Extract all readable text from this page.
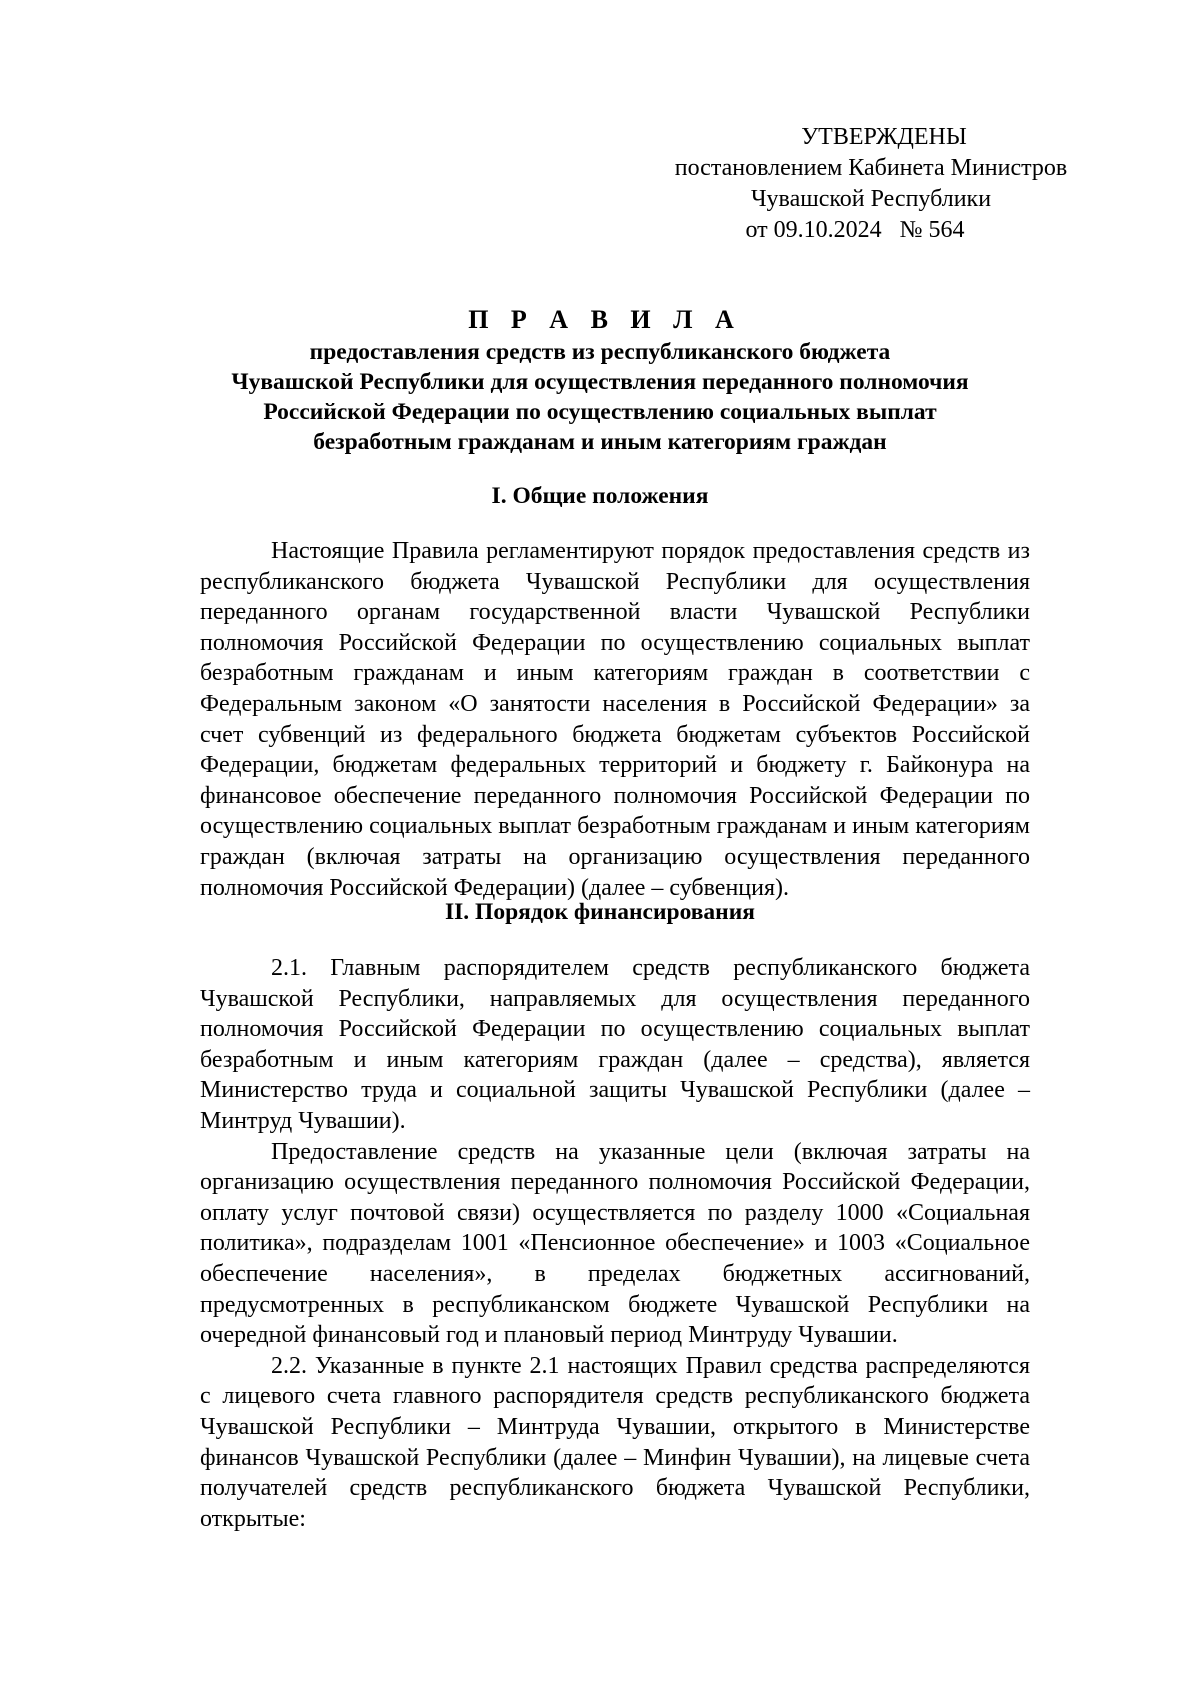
УТВЕРЖДЕНЫ
постановлением Кабинета Министров
Чувашской Республики
от 09.10.2024   № 564
П Р А В И Л А
предоставления средств из республиканского бюджета
Чувашской Республики для осуществления переданного полномочия
Российской Федерации по осуществлению социальных выплат
безработным гражданам и иным категориям граждан
I. Общие положения

Настоящие Правила регламентируют порядок предоставления средств из республиканского бюджета Чувашской Республики для осуществления переданного органам государственной власти Чувашской Республики полномочия Российской Федерации по осуществлению социальных выплат безработным гражданам и иным категориям граждан в соответствии с Федеральным законом «О занятости населения в Российской Федерации» за счет субвенций из федерального бюджета бюджетам субъектов Российской Федерации, бюджетам федеральных территорий и бюджету г. Байконура на финансовое обеспечение переданного полномочия Российской Федерации по осуществлению социальных выплат безработным гражданам и иным категориям граждан (включая затраты на организацию осуществления переданного полномочия Российской Федерации) (далее – субвенция).

II. Порядок финансирования

2.1. Главным распорядителем средств республиканского бюджета Чувашской Республики, направляемых для осуществления переданного полномочия Российской Федерации по осуществлению социальных выплат безработным и иным категориям граждан (далее – средства), является Министерство труда и социальной защиты Чувашской Республики (далее – Минтруд Чувашии).

Предоставление средств на указанные цели (включая затраты на организацию осуществления переданного полномочия Российской Федерации, оплату услуг почтовой связи) осуществляется по разделу 1000 «Социальная политика», подразделам 1001 «Пенсионное обеспечение» и 1003 «Социальное обеспечение населения», в пределах бюджетных ассигнований, предусмотренных в республиканском бюджете Чувашской Республики на очередной финансовый год и плановый период Минтруду Чувашии.

2.2. Указанные в пункте 2.1 настоящих Правил средства распределяются с лицевого счета главного распорядителя средств республиканского бюджета Чувашской Республики – Минтруда Чувашии, открытого в Министерстве финансов Чувашской Республики (далее – Минфин Чувашии), на лицевые счета получателей средств республиканского бюджета Чувашской Республики, открытые:
